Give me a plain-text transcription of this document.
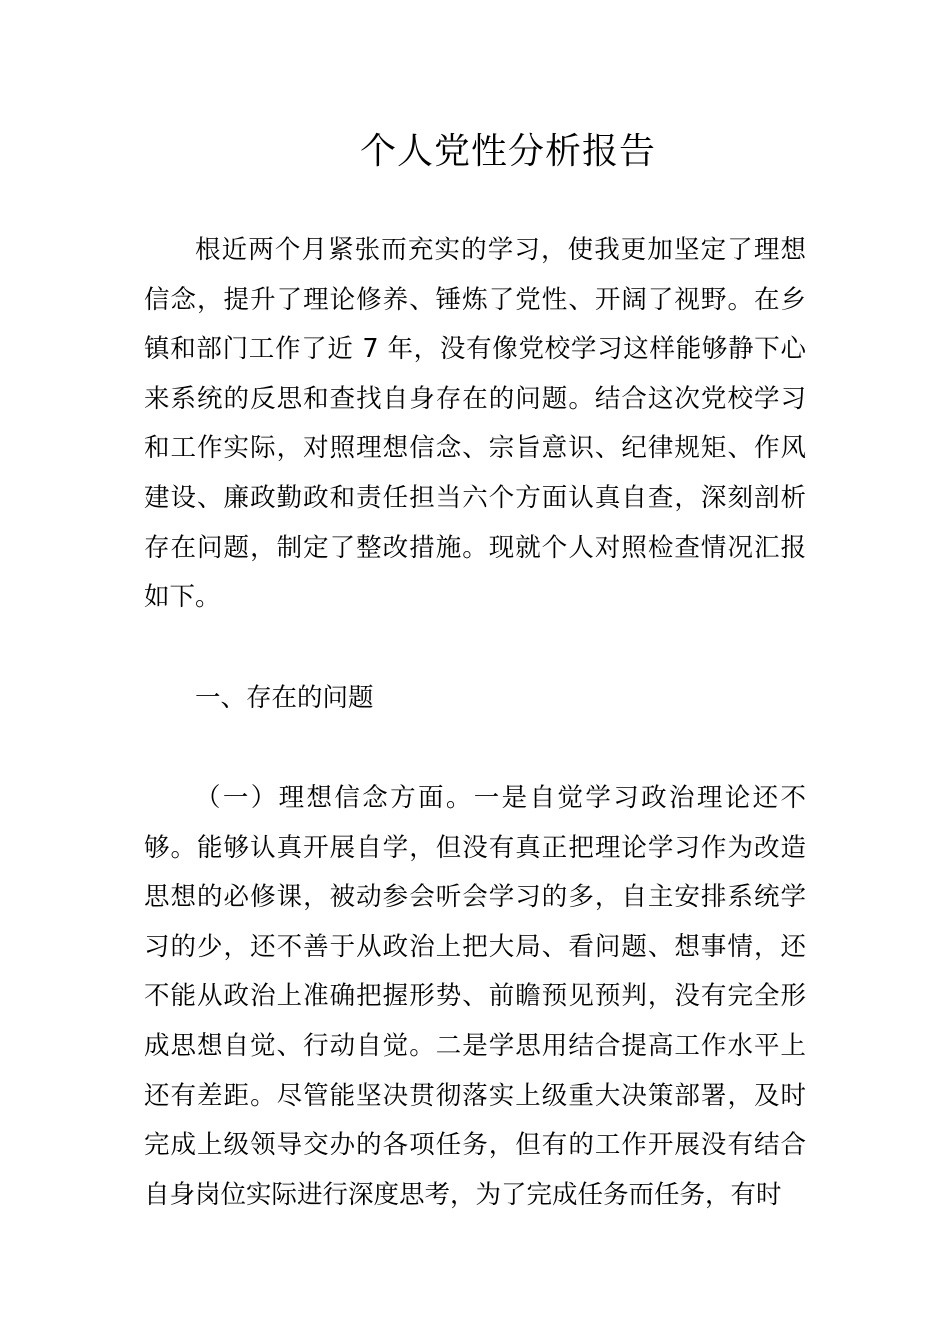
个人党性分析报告

根近两个月紧张而充实的学习，使我更加坚定了理想信念，提升了理论修养、锤炼了党性、开阔了视野。在乡镇和部门工作了近 7 年，没有像党校学习这样能够静下心来系统的反思和查找自身存在的问题。结合这次党校学习和工作实际，对照理想信念、宗旨意识、纪律规矩、作风建设、廉政勤政和责任担当六个方面认真自查，深刻剖析存在问题，制定了整改措施。现就个人对照检查情况汇报如下。

一、存在的问题

（一）理想信念方面。一是自觉学习政治理论还不够。能够认真开展自学，但没有真正把理论学习作为改造思想的必修课，被动参会听会学习的多，自主安排系统学习的少，还不善于从政治上把大局、看问题、想事情，还不能从政治上准确把握形势、前瞻预见预判，没有完全形成思想自觉、行动自觉。二是学思用结合提高工作水平上还有差距。尽管能坚决贯彻落实上级重大决策部署，及时完成上级领导交办的各项任务，但有的工作开展没有结合自身岗位实际进行深度思考，为了完成任务而任务，有时
